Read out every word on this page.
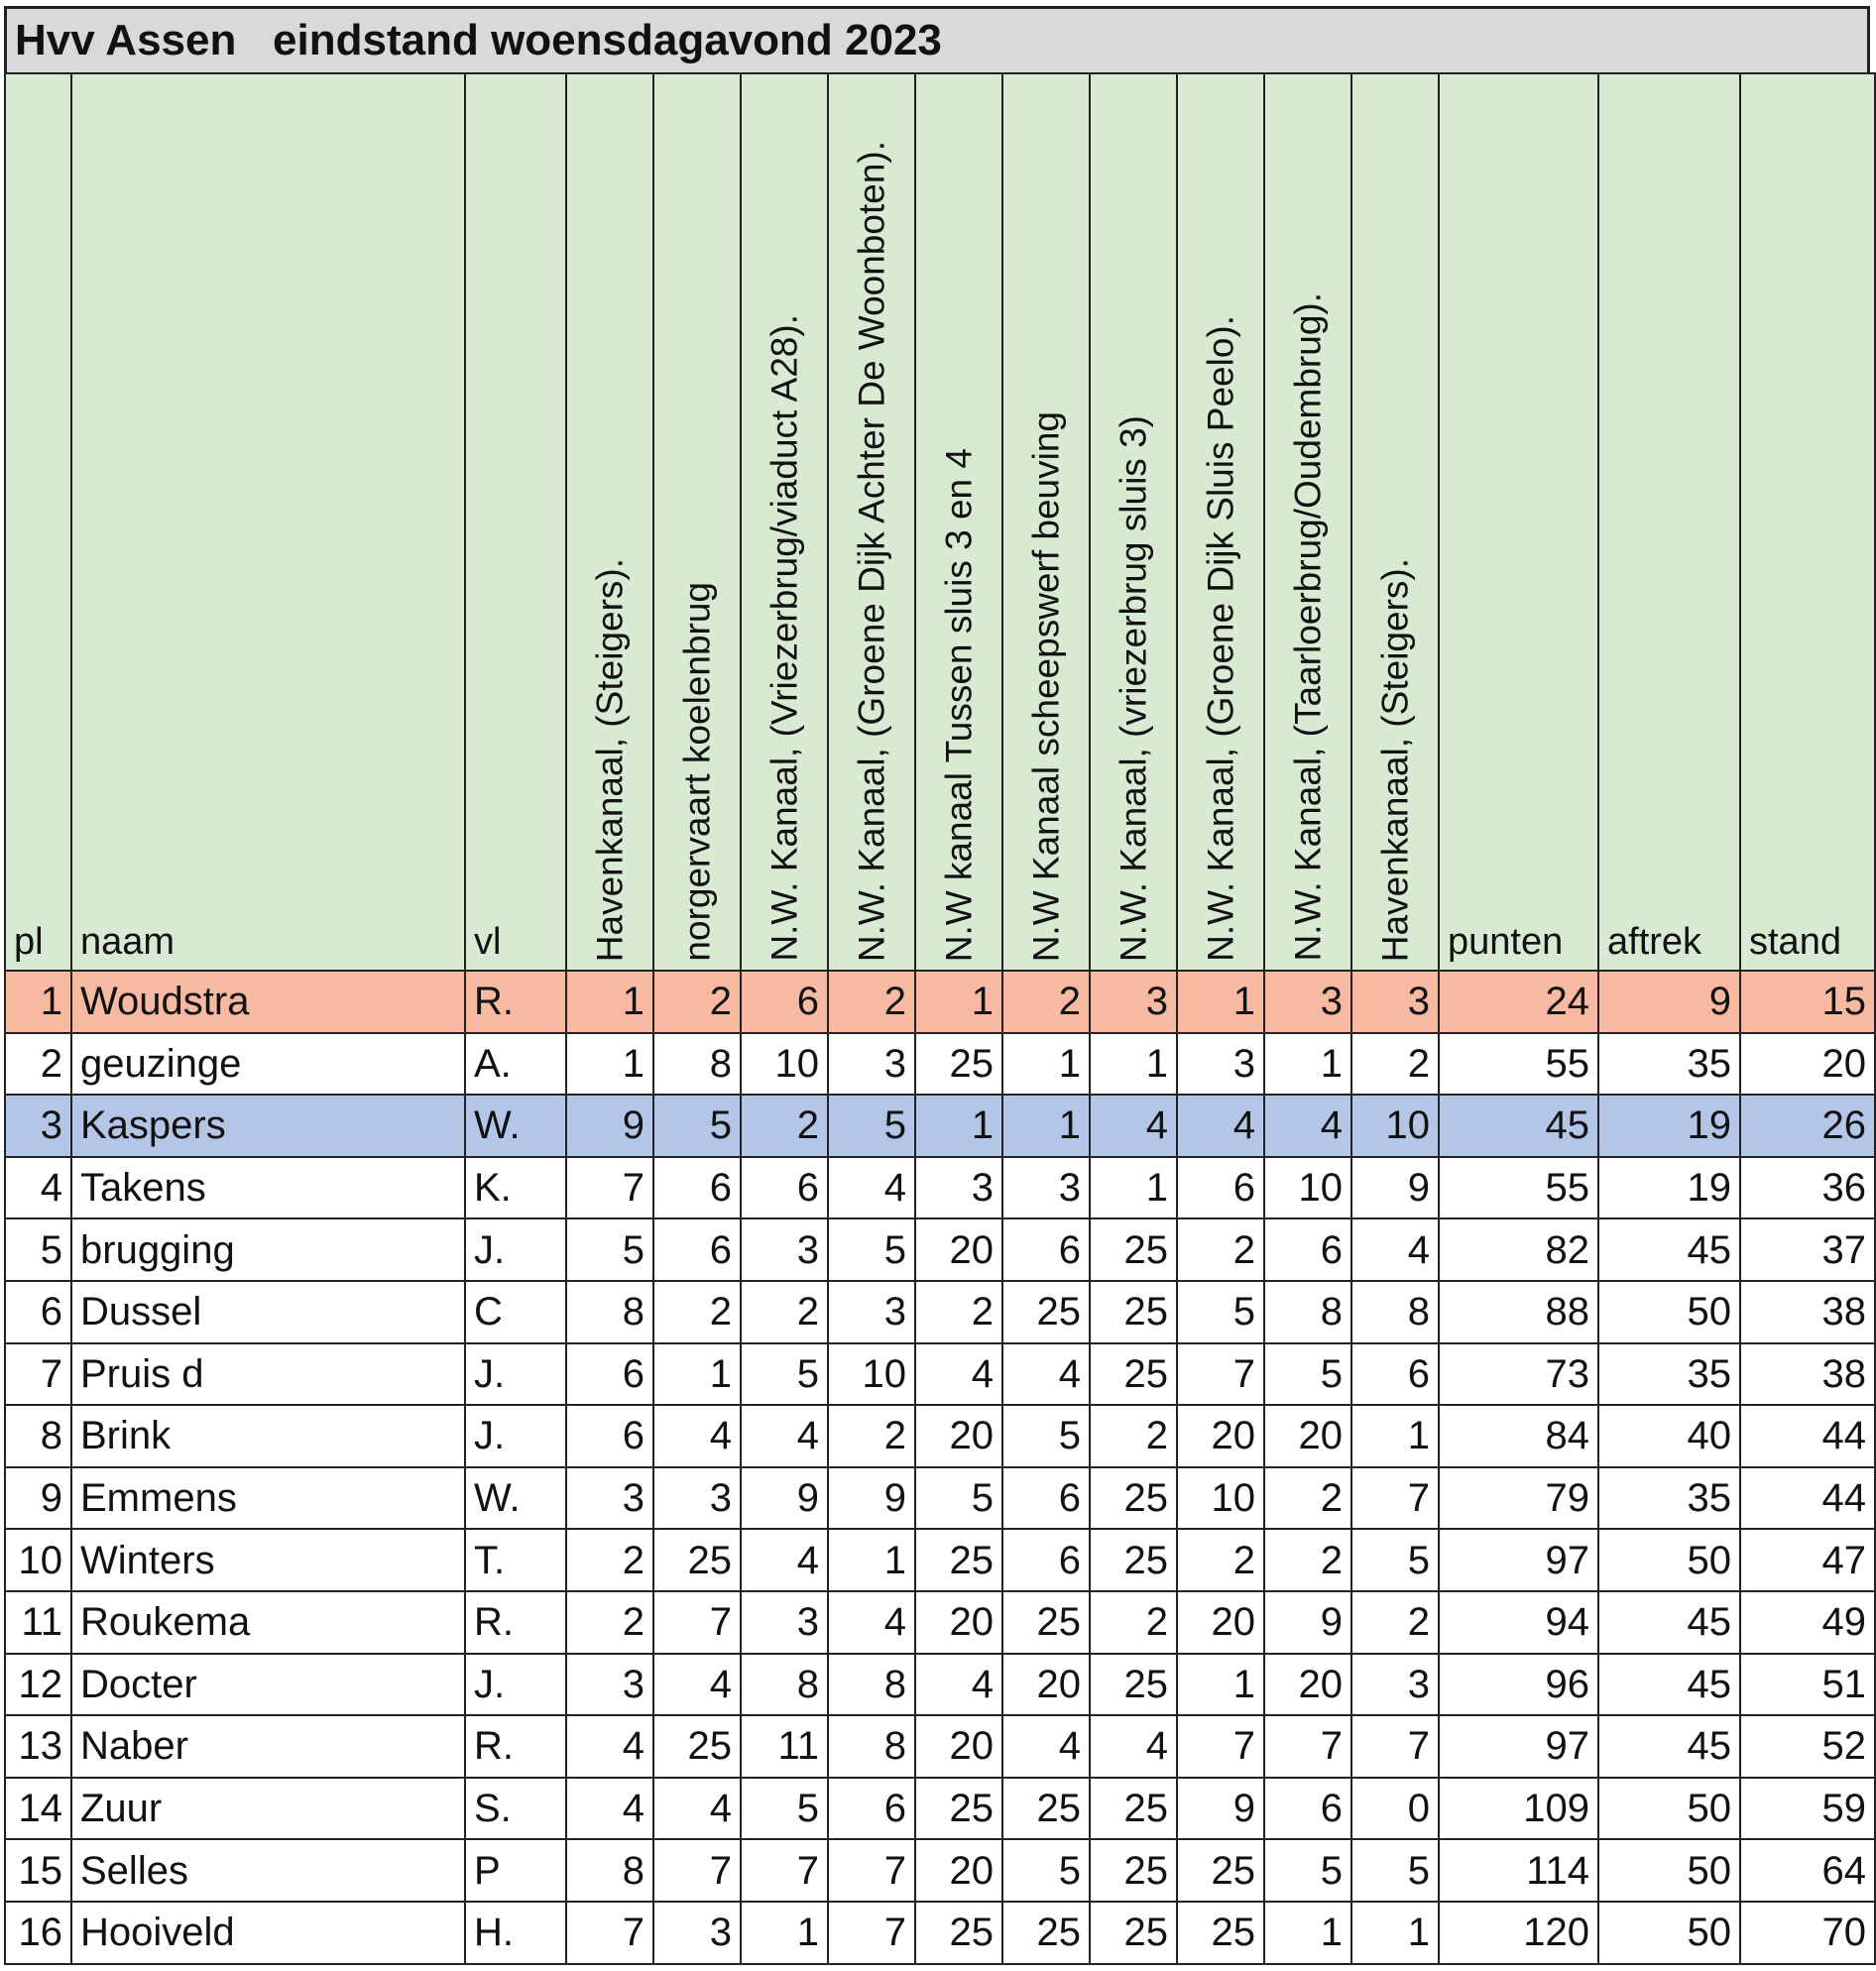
Hvv Assen   eindstand woensdagavond 2023
pl	naam	vl	Havenkanaal, (Steigers).	norgervaart koelenbrug	N.W. Kanaal, (Vriezerbrug/viaduct A28).	N.W. Kanaal, (Groene Dijk Achter De Woonboten).	N.W kanaal Tussen sluis 3 en 4	N.W Kanaal scheepswerf beuving	N.W. Kanaal, (vriezerbrug sluis 3)	N.W. Kanaal, (Groene Dijk Sluis Peelo).	N.W. Kanaal, (Taarloerbrug/Oudembrug).	Havenkanaal, (Steigers).	punten	aftrek	stand

1	Woudstra	R.	1	2	6	2	1	2	3	1	3	3	24	9	15
2	geuzinge	A.	1	8	10	3	25	1	1	3	1	2	55	35	20
3	Kaspers	W.	9	5	2	5	1	1	4	4	4	10	45	19	26
4	Takens	K.	7	6	6	4	3	3	1	6	10	9	55	19	36
5	brugging	J.	5	6	3	5	20	6	25	2	6	4	82	45	37
6	Dussel	C	8	2	2	3	2	25	25	5	8	8	88	50	38
7	Pruis d	J.	6	1	5	10	4	4	25	7	5	6	73	35	38
8	Brink	J.	6	4	4	2	20	5	2	20	20	1	84	40	44
9	Emmens	W.	3	3	9	9	5	6	25	10	2	7	79	35	44
10	Winters	T.	2	25	4	1	25	6	25	2	2	5	97	50	47
11	Roukema	R.	2	7	3	4	20	25	2	20	9	2	94	45	49
12	Docter	J.	3	4	8	8	4	20	25	1	20	3	96	45	51
13	Naber	R.	4	25	11	8	20	4	4	7	7	7	97	45	52
14	Zuur	S.	4	4	5	6	25	25	25	9	6	0	109	50	59
15	Selles	P	8	7	7	7	20	5	25	25	5	5	114	50	64
16	Hooiveld	H.	7	3	1	7	25	25	25	25	1	1	120	50	70
